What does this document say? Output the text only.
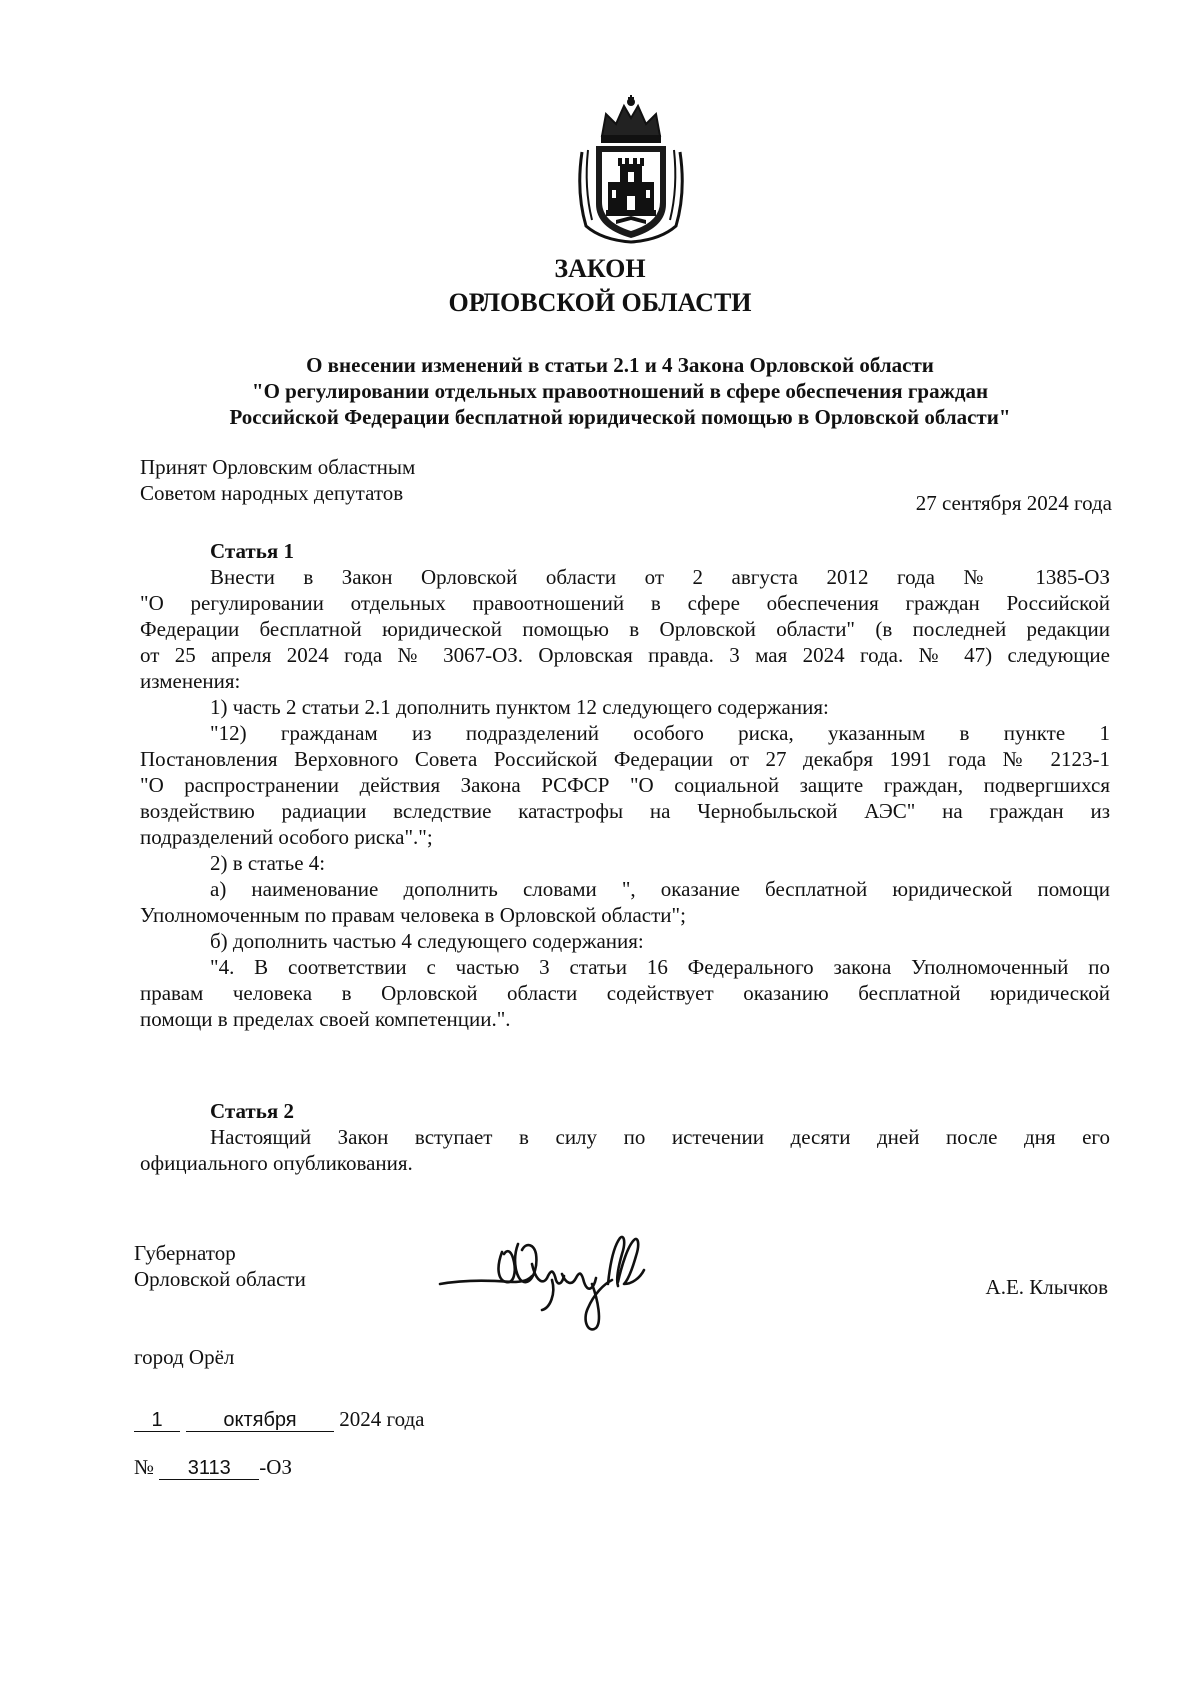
ЗАКОН
ОРЛОВСКОЙ ОБЛАСТИ
О внесении изменений в статьи 2.1 и 4 Закона Орловской области
"О регулировании отдельных правоотношений в сфере обеспечения граждан
Российской Федерации бесплатной юридической помощью в Орловской области"
Принят Орловским областным
Советом народных депутатов	27 сентября 2024 года
Статья 1
Внести в Закон Орловской области от 2 августа 2012 года № 1385-ОЗ
"О регулировании отдельных правоотношений в сфере обеспечения граждан Российской
Федерации бесплатной юридической помощью в Орловской области" (в последней редакции
от 25 апреля 2024 года № 3067-ОЗ. Орловская правда. 3 мая 2024 года. № 47) следующие
изменения:
1) часть 2 статьи 2.1 дополнить пунктом 12 следующего содержания:
"12) гражданам из подразделений особого риска, указанным в пункте 1
Постановления Верховного Совета Российской Федерации от 27 декабря 1991 года № 2123-1
"О распространении действия Закона РСФСР "О социальной защите граждан, подвергшихся
воздействию радиации вследствие катастрофы на Чернобыльской АЭС" на граждан из
подразделений особого риска".";
2) в статье 4:
а) наименование дополнить словами ", оказание бесплатной юридической помощи
Уполномоченным по правам человека в Орловской области";
б) дополнить частью 4 следующего содержания:
"4. В соответствии с частью 3 статьи 16 Федерального закона Уполномоченный по
правам человека в Орловской области содействует оказанию бесплатной юридической
помощи в пределах своей компетенции.".
Статья 2
Настоящий Закон вступает в силу по истечении десяти дней после дня его
официального опубликования.
Губернатор
Орловской области	А.Е. Клычков
город Орёл
1	октября 2024 года
№ 3113 -ОЗ
